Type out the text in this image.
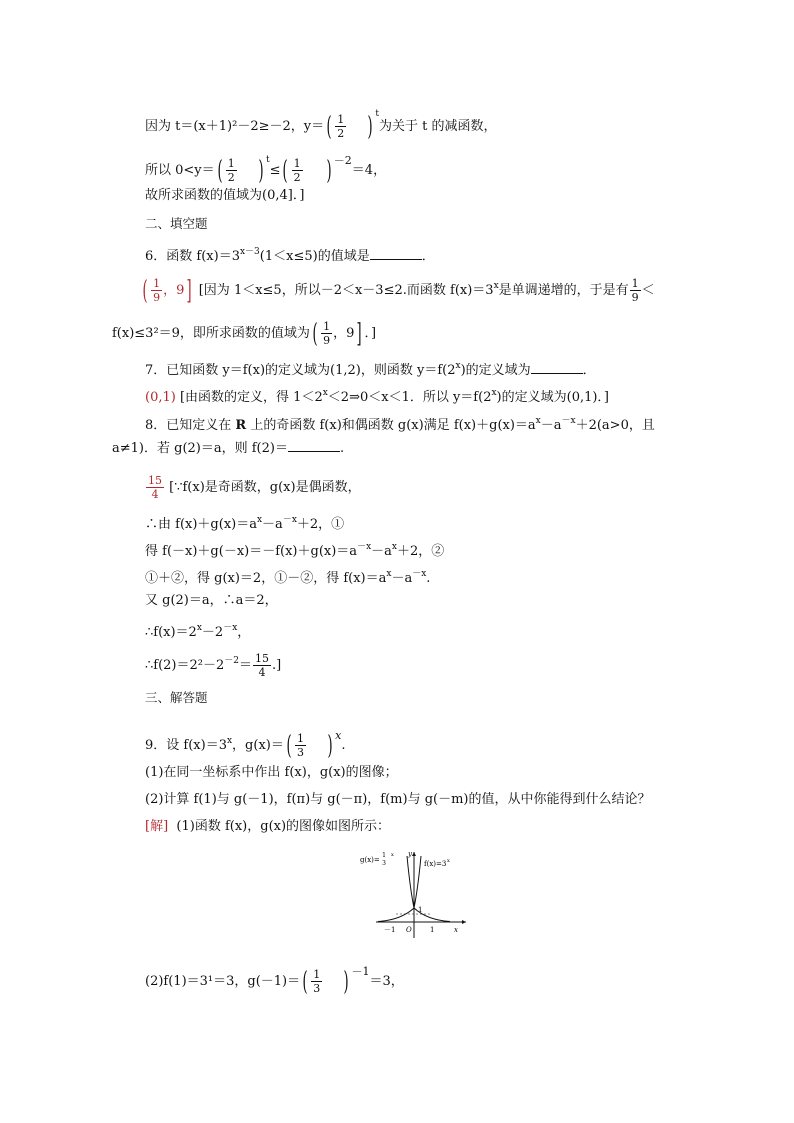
因为 t＝(x＋1)²－2≥－2，$y=( \frac{1}{2}$ ) $^t$为关于 t 的减函数，
所以 $0<y=( \frac{1}{2}$ ) $^t\le( \frac{1}{2}$ ) $^{-2}$＝4，
故所求函数的值域为(0,4]．]
二、填空题
6．函数 $f(x)=3^{x-3}(1<x\le 5)$的值域是	．
( $\frac{1}{9}$ ，9] [因为 1＜x≤5，所以－2＜x－3≤2.而函数 $f(x)=3^x$是单调递增的，于是有 $\frac{1}{9}$ ＜
f(x)≤3²＝9，即所求函数的值域为( $\frac{1}{9}$ ，9] ．]
7．已知函数 y＝f(x)的定义域为(1,2)，则函数 $y=f(2^x)$的定义域为	．
(0,1) [由函数的定义，得 $1<2^x<2\Rightarrow 0<x<1$．所以 $y=f(2^x)$的定义域为(0,1)．]
8．已知定义在 R 上的奇函数 f(x)和偶函数 g(x)满足 $f(x)+g(x)=a^x-a^{-x}+2(a>0$，且
a≠1)．若 g(2)＝a，则 f(2)＝	.
$\frac{15}{4}$ [∵f(x)是奇函数，g(x)是偶函数，
∴由 $f(x)+g(x)=a^x-a^{-x}+2$，①
得 $f(-x)+g(-x)=-f(x)+g(x)=a^{-x}-a^x+2$，②
①＋②，得 g(x)＝2，①－②，得 $f(x)=a^x-a^{-x}$.
又 g(2)＝a，∴a＝2，
$\therefore f(x)=2^x-2^{-x}$，
$\therefore f(2)=2^2-2^{-2}= \frac{15}{4}$ .]
三、解答题
9．设 $f(x)=3^x$，$g(x)=( \frac{1}{3}$ ) $^x$.
(1)在同一坐标系中作出 f(x)，g(x)的图像；
(2)计算 f(1)与 g(－1)，f(π)与 g(－π)，f(m)与 g(－m)的值，从中你能得到什么结论？
[解] (1)函数 f(x)，g(x)的图像如图所示：
g(x)=
1
3
x
f(x)=3 x
y
x
O
1
－1	1
(2)f(1)＝3¹＝3，$g(-1)=( \frac{1}{3}$ ) $^{-1}$＝3，
